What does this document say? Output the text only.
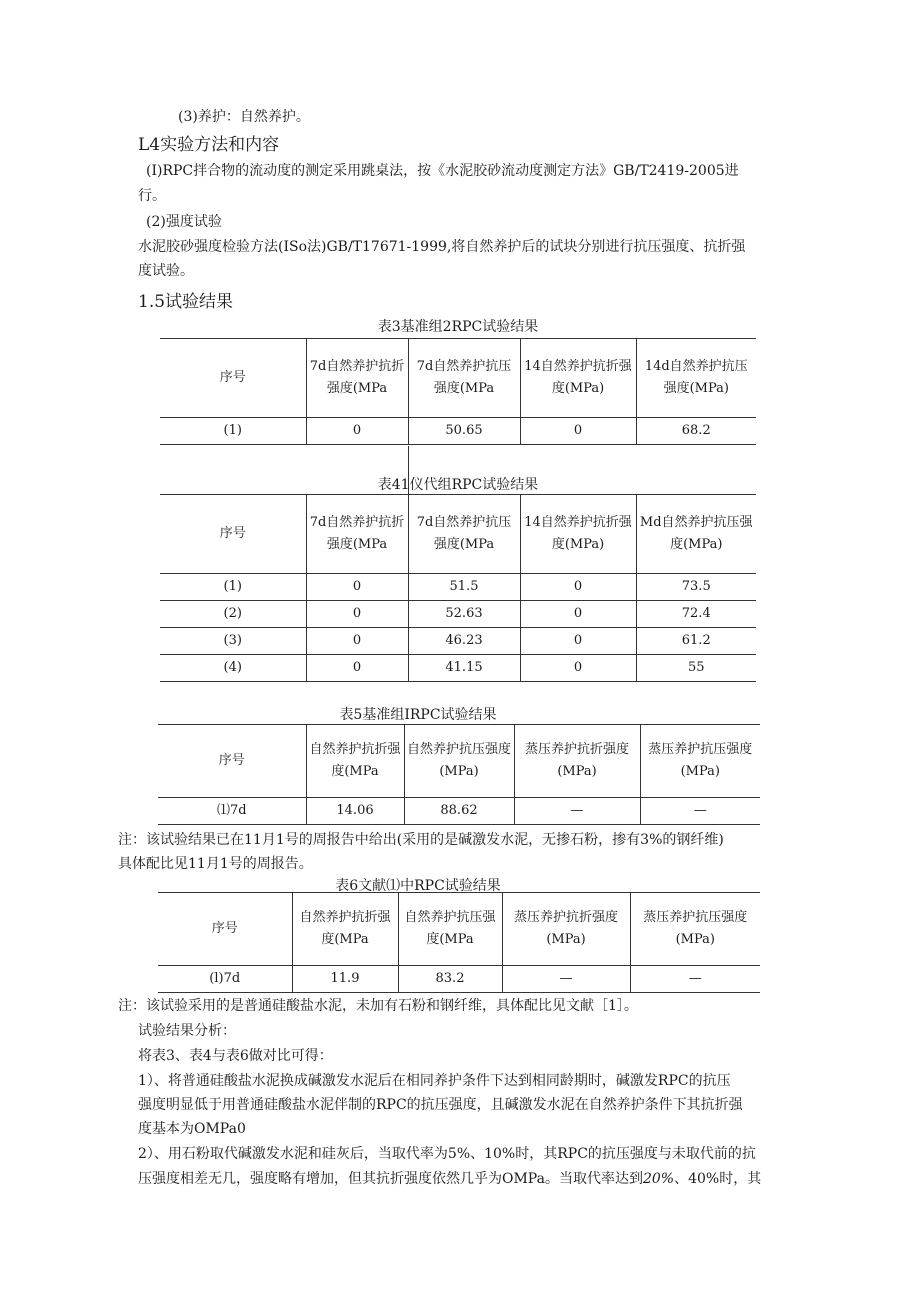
(3)养护：自然养护。
L4实验方法和内容
(I)RPC拌合物的流动度的测定采用跳桌法，按《水泥胶砂流动度测定方法》GB/T2419-2005进
行。
(2)强度试验
水泥胶砂强度检验方法(ISo法)GB/T17671-1999,将自然养护后的试块分别进行抗压强度、抗折强
度试验。
1.5试验结果
表3基准组2RPC试验结果
序号	7d自然养护抗折强度(MPa	7d自然养护抗压强度(MPa	14自然养护抗折强度(MPa)	14d自然养护抗压强度(MPa)
(1)	0	50.65	0	68.2
表41仪代组RPC试验结果
序号	7d自然养护抗折强度(MPa	7d自然养护抗压强度(MPa	14自然养护抗折强度(MPa)	Md自然养护抗压强度(MPa)
(1)	0	51.5	0	73.5
(2)	0	52.63	0	72.4
(3)	0	46.23	0	61.2
(4)	0	41.15	0	55
表5基准组IRPC试验结果
序号	自然养护抗折强度(MPa	自然养护抗压强度(MPa)	蒸压养护抗折强度(MPa)	蒸压养护抗压强度(MPa)
⑴7d	14.06	88.62	—	—
注：该试验结果已在11月1号的周报告中给出(采用的是碱激发水泥，无掺石粉，掺有3%的钢纤维)
具体配比见11月1号的周报告。
表6文献⑴中RPC试验结果
序号	自然养护抗折强度(MPa	自然养护抗压强度(MPa	蒸压养护抗折强度(MPa)	蒸压养护抗压强度(MPa)
(l)7d	11.9	83.2	—	—
注：该试验采用的是普通硅酸盐水泥，未加有石粉和钢纤维，具体配比见文献［1］。
试验结果分析：
将表3、表4与表6做对比可得：
1）、将普通硅酸盐水泥换成碱激发水泥后在相同养护条件下达到相同龄期时，碱激发RPC的抗压
强度明显低于用普通硅酸盐水泥伴制的RPC的抗压强度，且碱激发水泥在自然养护条件下其抗折强
度基本为OMPa0
2）、用石粉取代碱激发水泥和硅灰后，当取代率为5%、10%时，其RPC的抗压强度与未取代前的抗
压强度相差无几，强度略有增加，但其抗折强度依然几乎为OMPa。当取代率达到20%、40%时，其
